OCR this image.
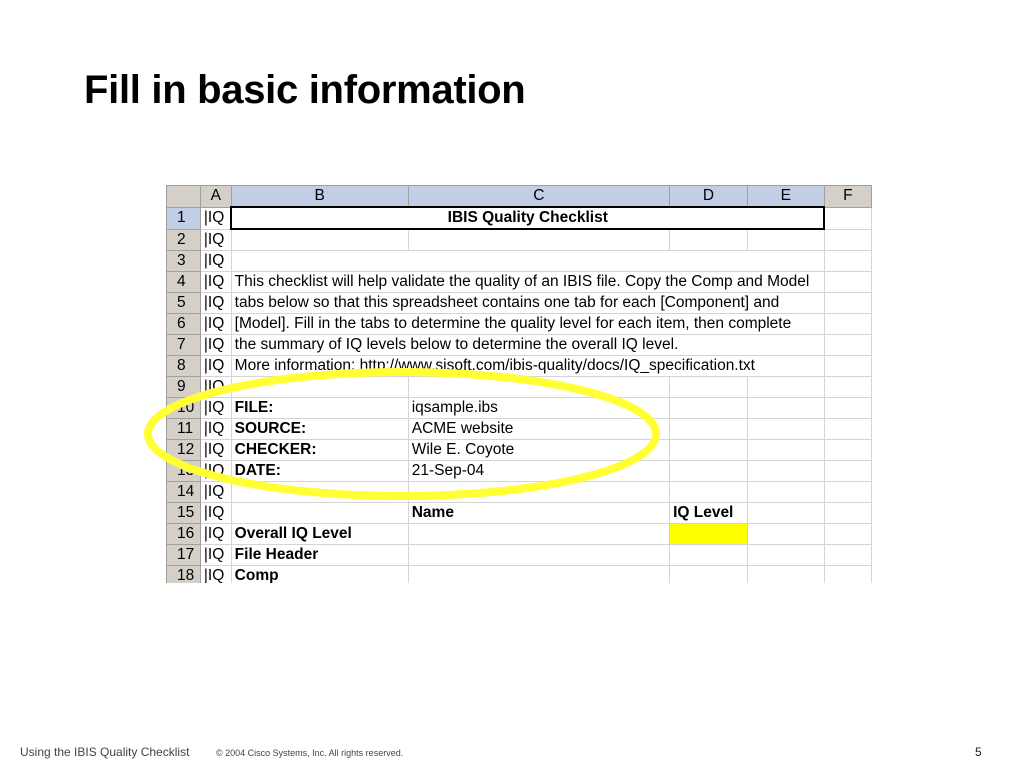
Fill in basic information
	A	B	C	D	E	F
1	|IQ	IBIS Quality Checklist				
2	|IQ					
3	|IQ					
4	|IQ	This checklist will help validate the quality of an IBIS file. Copy the Comp and Model				
5	|IQ	tabs below so that this spreadsheet contains one tab for each [Component] and				
6	|IQ	[Model]. Fill in the tabs to determine the quality level for each item, then complete				
7	|IQ	the summary of IQ levels below to determine the overall IQ level.				
8	|IQ	More information: http://www.sisoft.com/ibis-quality/docs/IQ_specification.txt				
9	|IQ					
10	|IQ	FILE:	iqsample.ibs			
11	|IQ	SOURCE:	ACME website			
12	|IQ	CHECKER:	Wile E. Coyote			
13	|IQ	DATE:	21-Sep-04			
14	|IQ					
15	|IQ		Name	IQ Level		
16	|IQ	Overall IQ Level				
17	|IQ	File Header				
18	|IQ	Comp				
Using the IBIS Quality Checklist	© 2004 Cisco Systems, Inc. All rights reserved.	5
